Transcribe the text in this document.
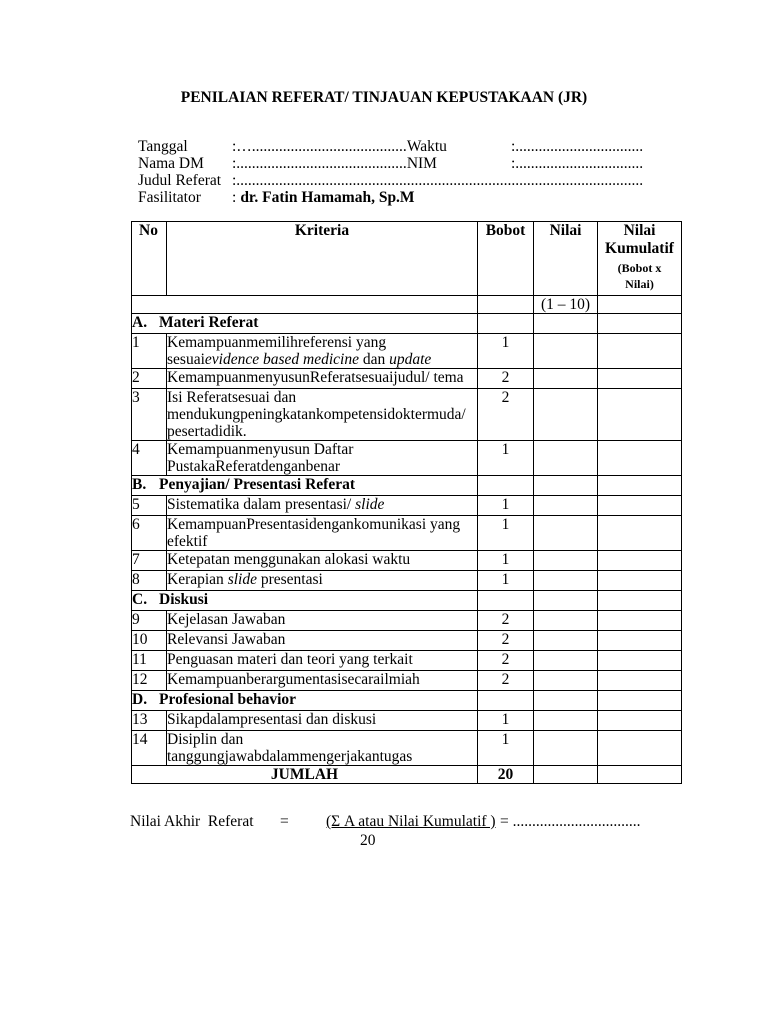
PENILAIAN REFERAT/ TINJAUAN KEPUSTAKAAN (JR)
Tanggal	:…........................................Waktu	:.................................
Nama DM :............................................NIM	:.................................
Judul Referat :.........................................................................................................
Fasilitator : dr. Fatin Hamamah, Sp.M
No	Kriteria	Bobot	Nilai	Nilai
Kumulatif
(Bobot x
Nilai)

			(1 – 10)	
A. Materi Referat				
1	Kemampuanmemilihreferensi yang
sesuaievidence based medicine dan update	1		
2	KemampuanmenyusunReferatsesuaijudul/ tema	2		
3	Isi Referatsesuai dan
mendukungpeningkatankompetensidoktermuda/
pesertadidik.	2		
4	Kemampuanmenyusun Daftar
PustakaReferatdenganbenar	1		
B. Penyajian/ Presentasi Referat				
5	Sistematika dalam presentasi/ slide	1		
6	KemampuanPresentasidengankomunikasi yang
efektif	1		
7	Ketepatan menggunakan alokasi waktu	1		
8	Kerapian slide presentasi	1		
C. Diskusi				
9	Kejelasan Jawaban	2		
10	Relevansi Jawaban	2		
11	Penguasan materi dan teori yang terkait	2		
12	Kemampuanberargumentasisecarailmiah	2		
D. Profesional behavior				
13	Sikapdalampresentasi dan diskusi	1		
14	Disiplin dan
tanggungjawabdalammengerjakantugas	1		
JUMLAH		20		
Nilai Akhir  Referat = (Σ A atau Nilai Kumulatif ) = .................................
20
